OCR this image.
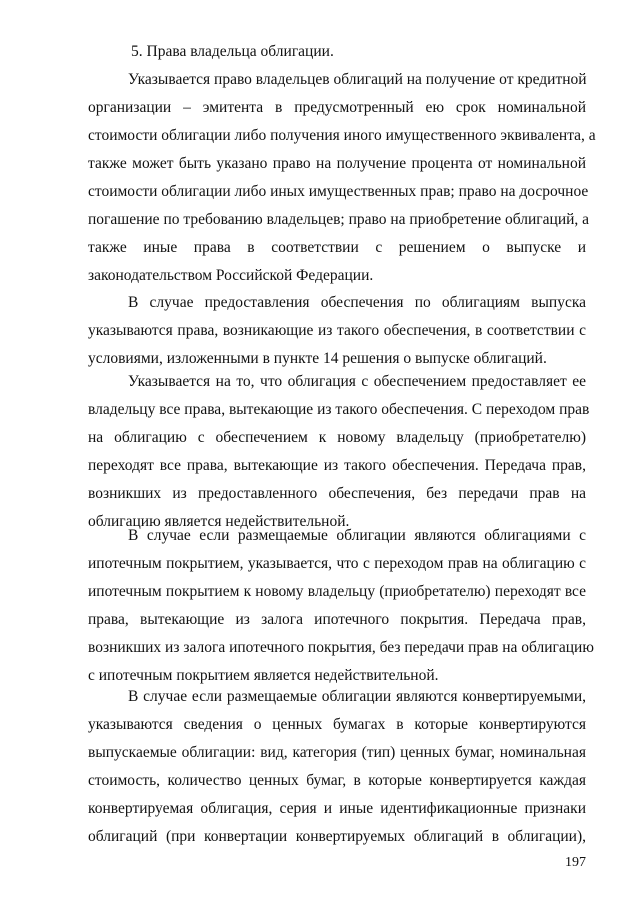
5. Права владельца облигации.
Указывается право владельцев облигаций на получение от кредитной
организации – эмитента в предусмотренный ею срок номинальной
стоимости облигации либо получения иного имущественного эквивалента, а
также может быть указано право на получение процента от номинальной
стоимости облигации либо иных имущественных прав; право на досрочное
погашение по требованию владельцев; право на приобретение облигаций, а
также иные права в соответствии с решением о выпуске и
законодательством Российской Федерации.
В случае предоставления обеспечения по облигациям выпуска
указываются права, возникающие из такого обеспечения, в соответствии с
условиями, изложенными в пункте 14 решения о выпуске облигаций.
Указывается на то, что облигация с обеспечением предоставляет ее
владельцу все права, вытекающие из такого обеспечения. С переходом прав
на облигацию с обеспечением к новому владельцу (приобретателю)
переходят все права, вытекающие из такого обеспечения. Передача прав,
возникших из предоставленного обеспечения, без передачи прав на
облигацию является недействительной.
В случае если размещаемые облигации являются облигациями с
ипотечным покрытием, указывается, что с переходом прав на облигацию с
ипотечным покрытием к новому владельцу (приобретателю) переходят все
права, вытекающие из залога ипотечного покрытия. Передача прав,
возникших из залога ипотечного покрытия, без передачи прав на облигацию
с ипотечным покрытием является недействительной.
В случае если размещаемые облигации являются конвертируемыми,
указываются сведения о ценных бумагах в которые конвертируются
выпускаемые облигации: вид, категория (тип) ценных бумаг, номинальная
стоимость, количество ценных бумаг, в которые конвертируется каждая
конвертируемая облигация, серия и иные идентификационные признаки
облигаций (при конвертации конвертируемых облигаций в облигации),
197
